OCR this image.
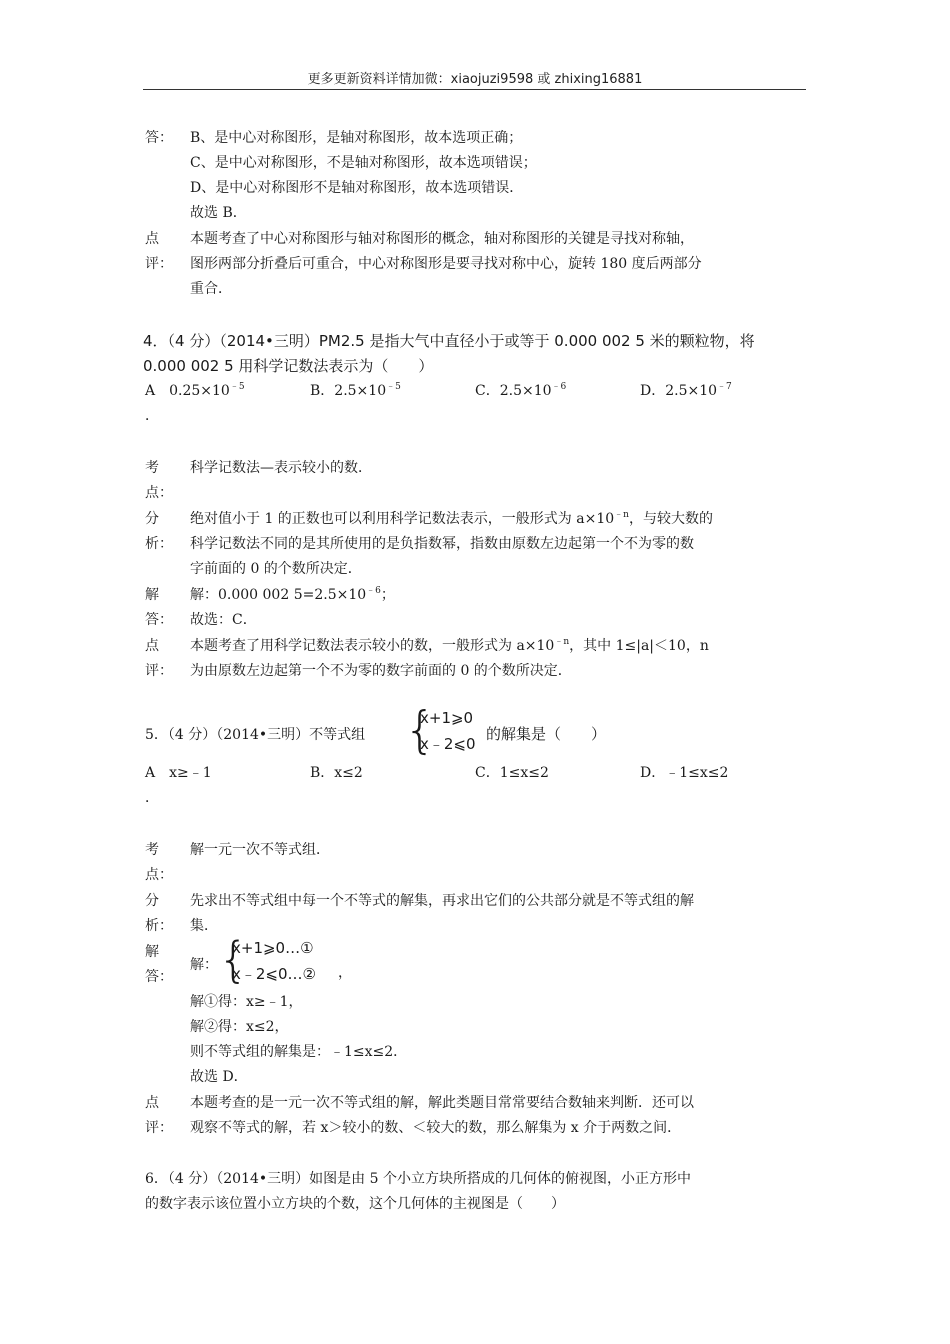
更多更新资料详情加微：xiaojuzi9598 或 zhixing16881
答： B、是中心对称图形，是轴对称图形，故本选项正确；
C、是中心对称图形，不是轴对称图形，故本选项错误；
D、是中心对称图形不是轴对称图形，故本选项错误．
故选 B．
点
评：
本题考查了中心对称图形与轴对称图形的概念，轴对称图形的关键是寻找对称轴，
图形两部分折叠后可重合，中心对称图形是要寻找对称中心，旋转 180 度后两部分
重合．
4．（4 分）（2014•三明）PM2.5 是指大气中直径小于或等于 0.000 002 5 米的颗粒物，将
0.000 002 5 用科学记数法表示为（　　）
A　$0.25\times 10^{﹣5}$
．
B．$2.5\times 10^{﹣5}$	C．$2.5\times 10^{﹣6}$	D．$2.5\times 10^{﹣7}$
考
点：
科学记数法—表示较小的数．
分
析：
绝对值小于 1 的正数也可以利用科学记数法表示，一般形式为 $a\times 10^{﹣n}$，与较大数的
科学记数法不同的是其所使用的是负指数幂，指数由原数左边起第一个不为零的数
字前面的 0 的个数所决定．
解
答：
解：0.000 002 $5=2.5\times 10^{﹣6}$；
故选：C．
点
评：
本题考查了用科学记数法表示较小的数，一般形式为 $a\times 10^{﹣n}$，其中 1≤|a|＜10，n
为由原数左边起第一个不为零的数字前面的 0 的个数所决定．
5．（4 分）（2014•三明）不等式组 {
x+1⩾0
x﹣2⩽0
的解集是（　　）
A　x≥﹣1
．
B．x≤2	C．1≤x≤2	D．﹣1≤x≤2
考
点：
解一元一次不等式组．
分
析：
先求出不等式组中每一个不等式的解集，再求出它们的公共部分就是不等式组的解
集．
解
答：
解： {
x+1⩾0…①
x﹣2⩽0…② ，
解①得：x≥﹣1，
解②得：x≤2，
则不等式组的解集是：﹣1≤x≤2．
故选 D．
点
评：
本题考查的是一元一次不等式组的解，解此类题目常常要结合数轴来判断．还可以
观察不等式的解，若 x＞较小的数、＜较大的数，那么解集为 x 介于两数之间．
6．（4 分）（2014•三明）如图是由 5 个小立方块所搭成的几何体的俯视图，小正方形中
的数字表示该位置小立方块的个数，这个几何体的主视图是（　　）
